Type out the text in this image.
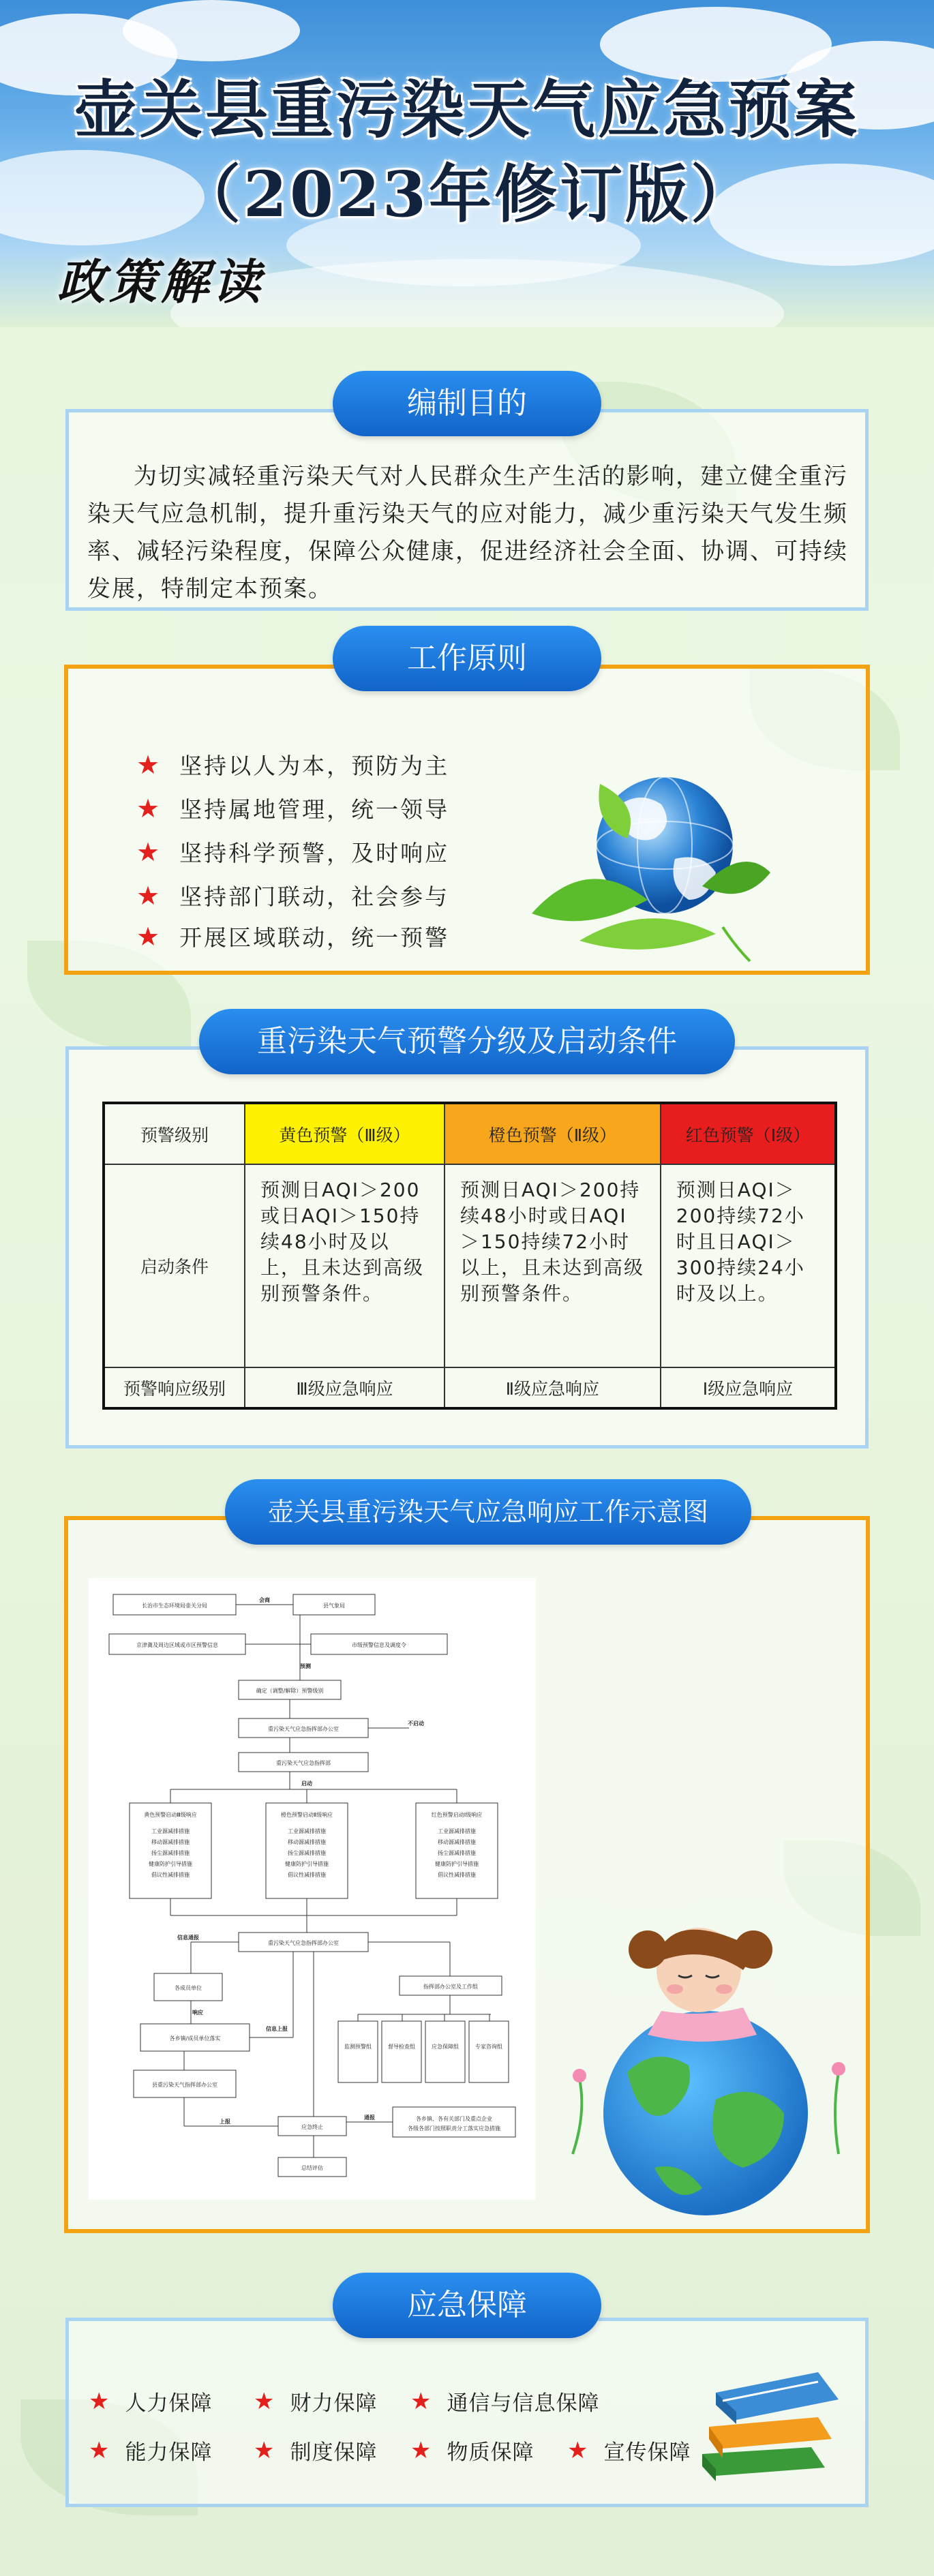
壶关县重污染天气应急预案
（2023年修订版）
政策解读
编制目的
为切实减轻重污染天气对人民群众生产生活的影响，建立健全重污染天气应急机制，提升重污染天气的应对能力，减少重污染天气发生频率、减轻污染程度，保障公众健康，促进经济社会全面、协调、可持续发展，特制定本预案。
工作原则
★ 坚持以人为本，预防为主
★ 坚持属地管理，统一领导
★ 坚持科学预警，及时响应
★ 坚持部门联动，社会参与
★ 开展区域联动，统一预警
重污染天气预警分级及启动条件
预警级别	黄色预警（Ⅲ级）	橙色预警（Ⅱ级）	红色预警（Ⅰ级）
启动条件	预测日AQI＞200或日AQI＞150持续48小时及以上，且未达到高级别预警条件。	预测日AQI＞200持续48小时或日AQI＞150持续72小时以上，且未达到高级别预警条件。	预测日AQI＞200持续72小时且日AQI＞300持续24小时及以上。
预警响应级别	Ⅲ级应急响应	Ⅱ级应急响应	Ⅰ级应急响应
壶关县重污染天气应急响应工作示意图
长治市生态环境局壶关分局
会商
县气象局
京津冀及周边区域或市区预警信息	市级预警信息及调度令
预测
确定（调整/解除）预警级别
重污染天气应急指挥部办公室
不启动
重污染天气应急指挥部
启动
黄色预警启动Ⅲ级响应	橙色预警启动Ⅱ级响应	红色预警启动Ⅰ级响应
工业源减排措施
移动源减排措施
扬尘源减排措施
健康防护引导措施
倡议性减排措施
工业源减排措施
移动源减排措施
扬尘源减排措施
健康防护引导措施
倡议性减排措施
工业源减排措施
移动源减排措施
扬尘源减排措施
健康防护引导措施
倡议性减排措施
重污染天气应急指挥部办公室
信息通报
各成员单位	指挥部办公室及工作组
各乡镇/成员单位落实
响应
信息上报
监测预警组	督导检查组	应急保障组	专家咨询组
县重污染天气指挥部办公室
上报
应急终止
通报	各乡镇、各有关部门及重点企业
各级各部门按照职责分工落实应急措施
总结评估
应急保障
★ 人力保障 ★ 财力保障 ★ 通信与信息保障
★ 能力保障 ★ 制度保障 ★ 物质保障 ★ 宣传保障
